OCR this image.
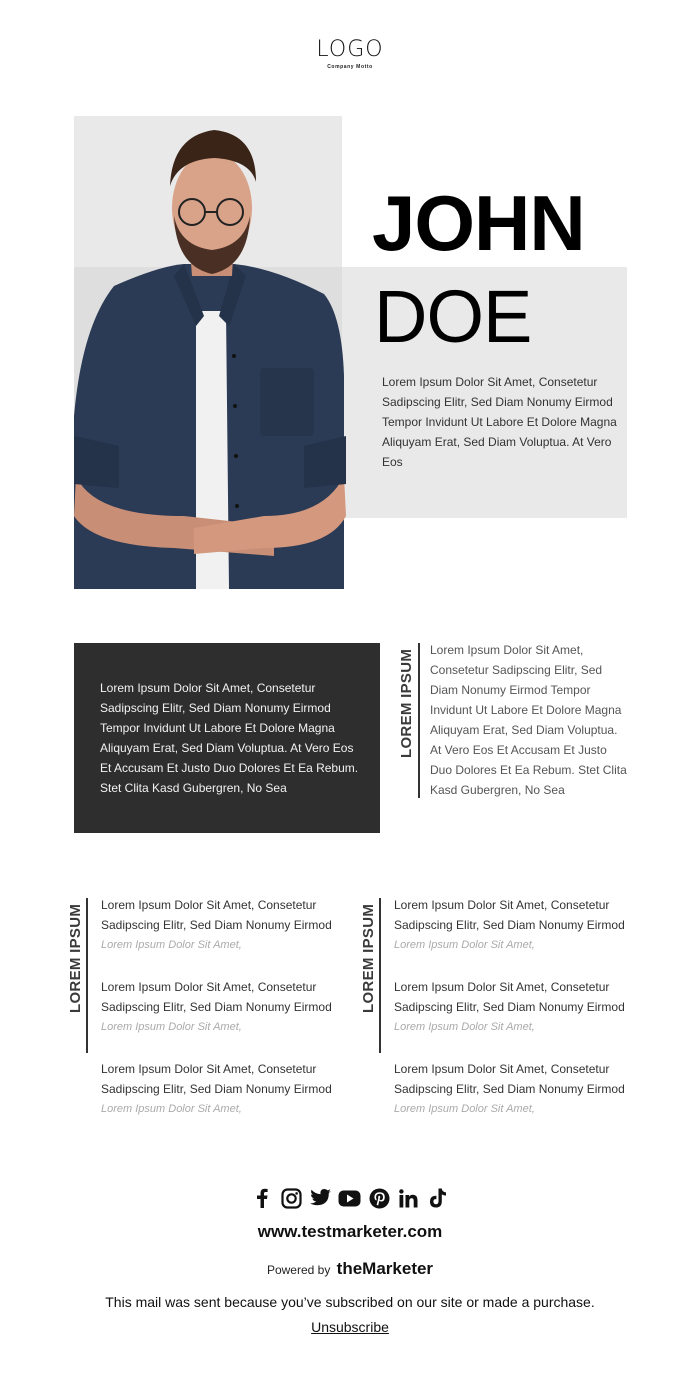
LOGO
Company Motto
JOHN
DOE

Lorem Ipsum Dolor Sit Amet, Consetetur Sadipscing Elitr, Sed Diam Nonumy Eirmod Tempor Invidunt Ut Labore Et Dolore Magna Aliquyam Erat, Sed Diam Voluptua. At Vero Eos

Lorem Ipsum Dolor Sit Amet, Consetetur Sadipscing Elitr, Sed Diam Nonumy Eirmod Tempor Invidunt Ut Labore Et Dolore Magna Aliquyam Erat, Sed Diam Voluptua. At Vero Eos Et Accusam Et Justo Duo Dolores Et Ea Rebum. Stet Clita Kasd Gubergren, No Sea

LOREM IPSUM Lorem Ipsum Dolor Sit Amet, Consetetur Sadipscing Elitr, Sed Diam Nonumy Eirmod Tempor Invidunt Ut Labore Et Dolore Magna Aliquyam Erat, Sed Diam Voluptua. At Vero Eos Et Accusam Et Justo Duo Dolores Et Ea Rebum. Stet Clita Kasd Gubergren, No Sea

LOREM IPSUM Lorem Ipsum Dolor Sit Amet, Consetetur Sadipscing Elitr, Sed Diam Nonumy Eirmod
Lorem Ipsum Dolor Sit Amet,
Lorem Ipsum Dolor Sit Amet, Consetetur Sadipscing Elitr, Sed Diam Nonumy Eirmod
Lorem Ipsum Dolor Sit Amet,
Lorem Ipsum Dolor Sit Amet, Consetetur Sadipscing Elitr, Sed Diam Nonumy Eirmod
Lorem Ipsum Dolor Sit Amet,
LOREM IPSUM Lorem Ipsum Dolor Sit Amet, Consetetur Sadipscing Elitr, Sed Diam Nonumy Eirmod
Lorem Ipsum Dolor Sit Amet,
Lorem Ipsum Dolor Sit Amet, Consetetur Sadipscing Elitr, Sed Diam Nonumy Eirmod
Lorem Ipsum Dolor Sit Amet,
Lorem Ipsum Dolor Sit Amet, Consetetur Sadipscing Elitr, Sed Diam Nonumy Eirmod
Lorem Ipsum Dolor Sit Amet,
www.testmarketer.com
Powered by theMarketer
This mail was sent because you’ve subscribed on our site or made a purchase.
Unsubscribe
